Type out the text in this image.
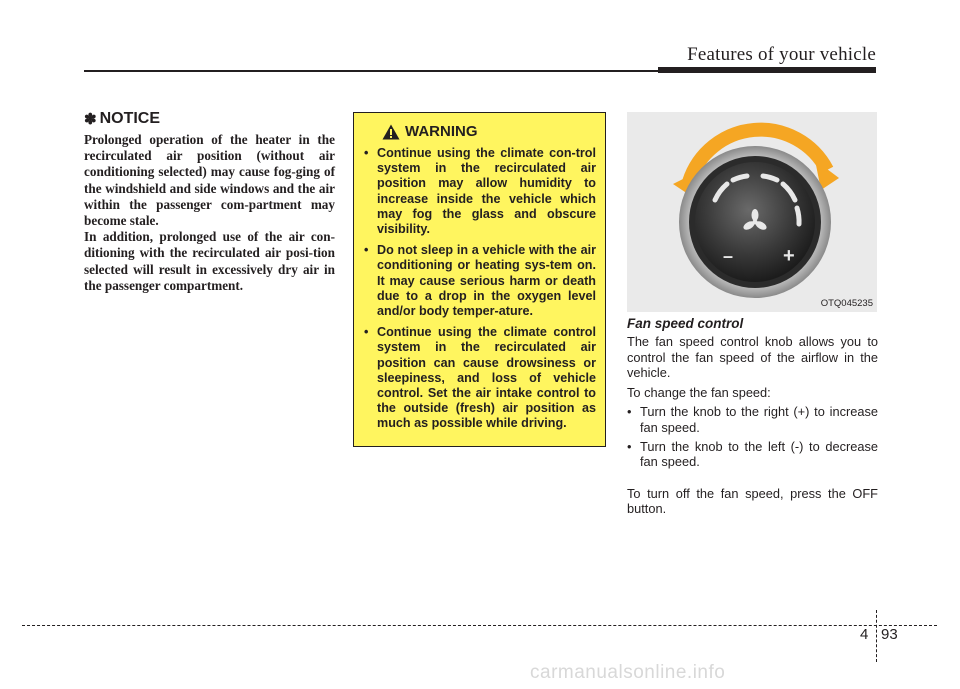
Features of your vehicle
✽ NOTICE

Prolonged operation of the heater in the recirculated air position (without air conditioning selected) may cause fog-ging of the windshield and side windows and the air within the passenger com-partment may become stale.

In addition, prolonged use of the air con-ditioning with the recirculated air posi-tion selected will result in excessively dry air in the passenger compartment.

WARNING
• Continue using the climate con-trol system in the recirculated air position may allow humidity to increase inside the vehicle which may fog the glass and obscure visibility.
• Do not sleep in a vehicle with the air conditioning or heating sys-tem on. It may cause serious harm or death due to a drop in the oxygen level and/or body temper-ature.
• Continue using the climate control system in the recirculated air position can cause drowsiness or sleepiness, and loss of vehicle control. Set the air intake control to the outside (fresh) air position as much as possible while driving.
– +
OTQ045235
Fan speed control

The fan speed control knob allows you to control the fan speed of the airflow in the vehicle.

To change the fan speed:

• Turn the knob to the right (+) to increase fan speed.
• Turn the knob to the left (-) to decrease fan speed.

To turn off the fan speed, press the OFF button.

4 93
carmanualsonline.info
